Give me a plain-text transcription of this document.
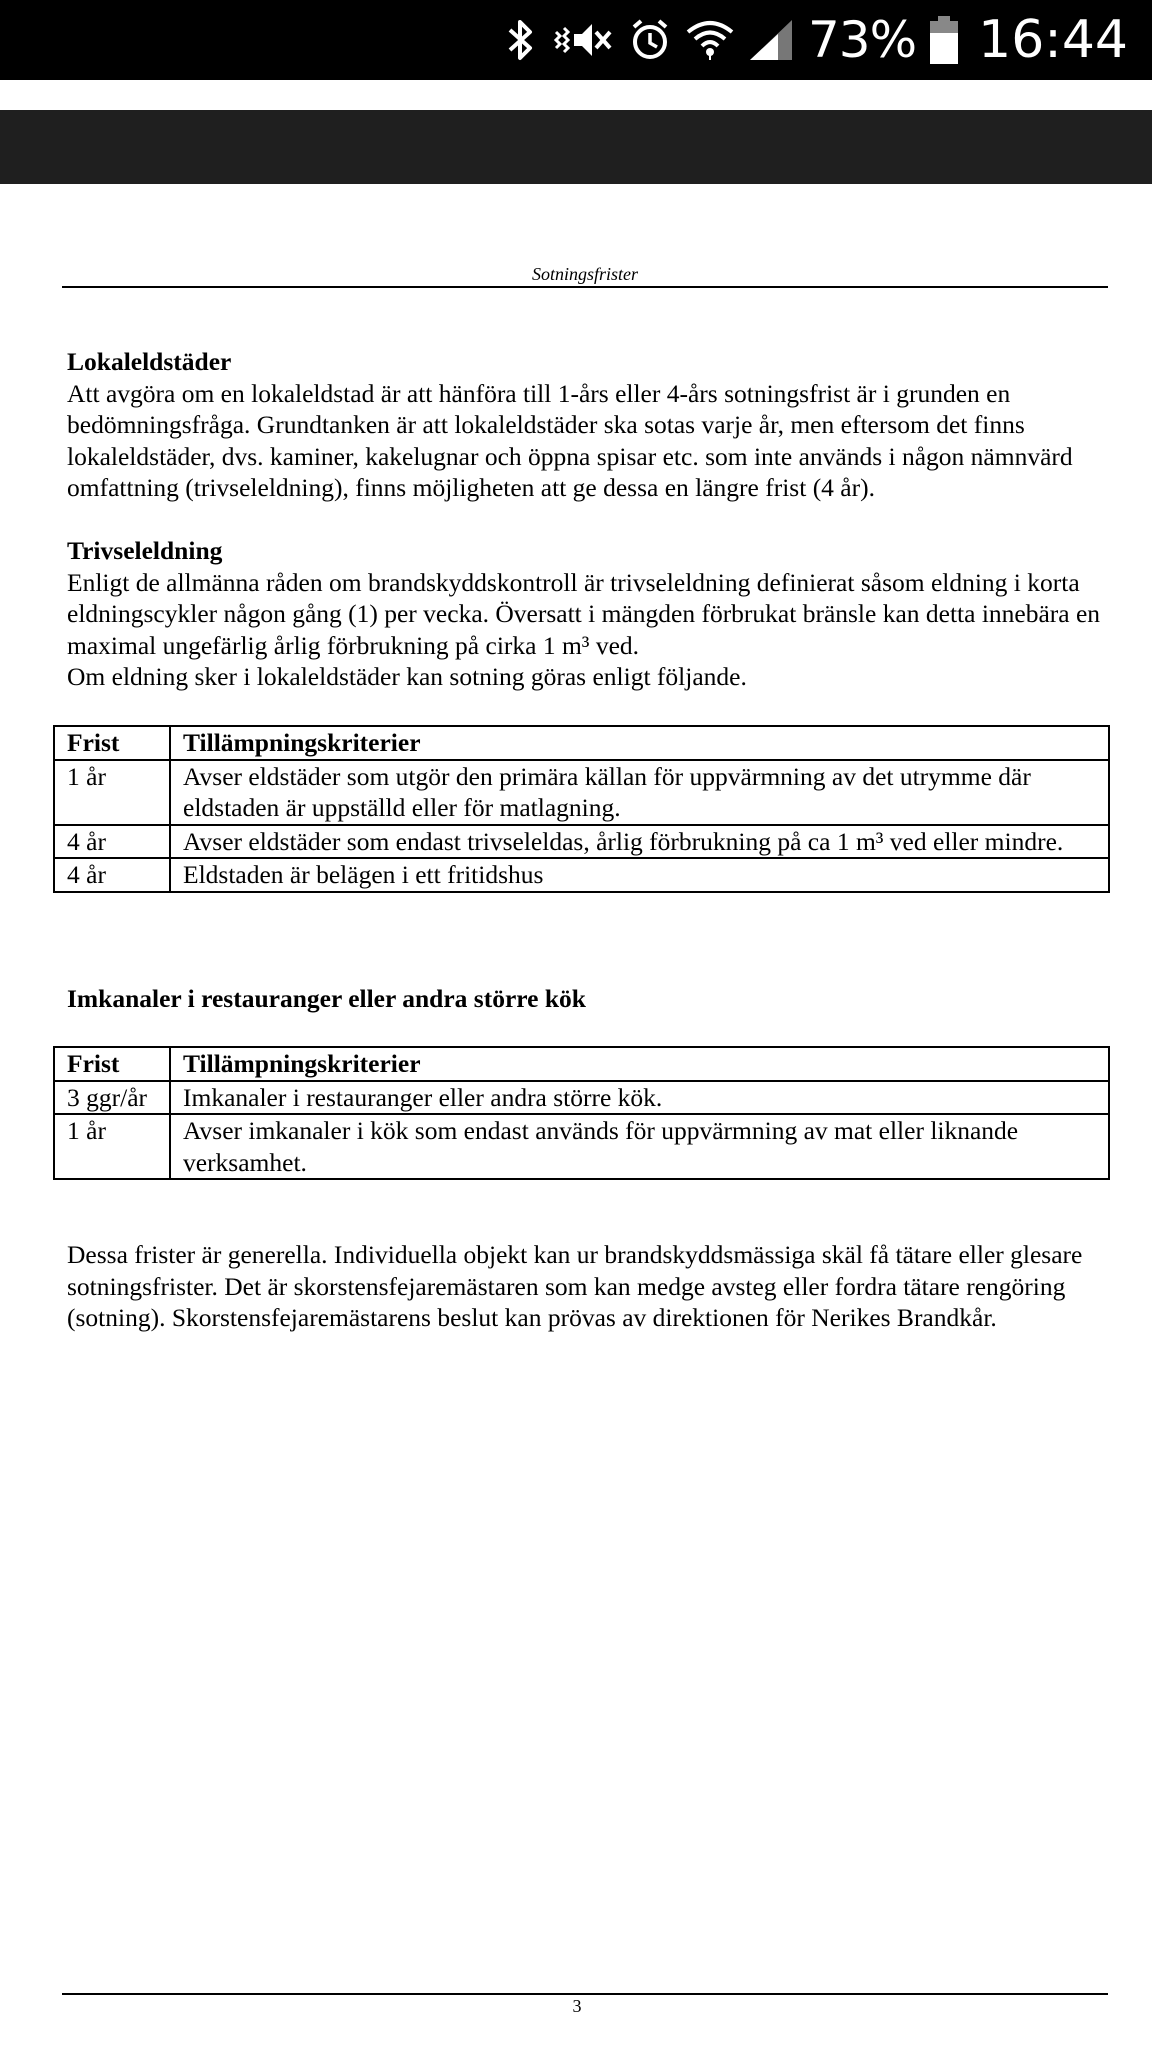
73% 16:44
Sotningsfrister
Lokaleldstäder

Att avgöra om en lokaleldstad är att hänföra till 1-års eller 4-års sotningsfrist är i grunden en bedömningsfråga. Grundtanken är att lokaleldstäder ska sotas varje år, men eftersom det finns lokaleldstäder, dvs. kaminer, kakelugnar och öppna spisar etc. som inte används i någon nämnvärd omfattning (trivseleldning), finns möjligheten att ge dessa en längre frist (4 år).

Trivseleldning

Enligt de allmänna råden om brandskyddskontroll är trivseleldning definierat såsom eldning i korta eldningscykler någon gång (1) per vecka. Översatt i mängden förbrukat bränsle kan detta innebära en maximal ungefärlig årlig förbrukning på cirka 1 m³ ved.

Om eldning sker i lokaleldstäder kan sotning göras enligt följande.

Frist	Tillämpningskriterier
1 år	Avser eldstäder som utgör den primära källan för uppvärmning av det utrymme där eldstaden är uppställd eller för matlagning.
4 år	Avser eldstäder som endast trivseleldas, årlig förbrukning på ca 1 m³ ved eller mindre.
4 år	Eldstaden är belägen i ett fritidshus
Imkanaler i restauranger eller andra större kök
Frist	Tillämpningskriterier
3 ggr/år	Imkanaler i restauranger eller andra större kök.
1 år	Avser imkanaler i kök som endast används för uppvärmning av mat eller liknande verksamhet.

Dessa frister är generella. Individuella objekt kan ur brandskyddsmässiga skäl få tätare eller glesare sotningsfrister. Det är skorstensfejaremästaren som kan medge avsteg eller fordra tätare rengöring (sotning). Skorstensfejaremästarens beslut kan prövas av direktionen för Nerikes Brandkår.

3
